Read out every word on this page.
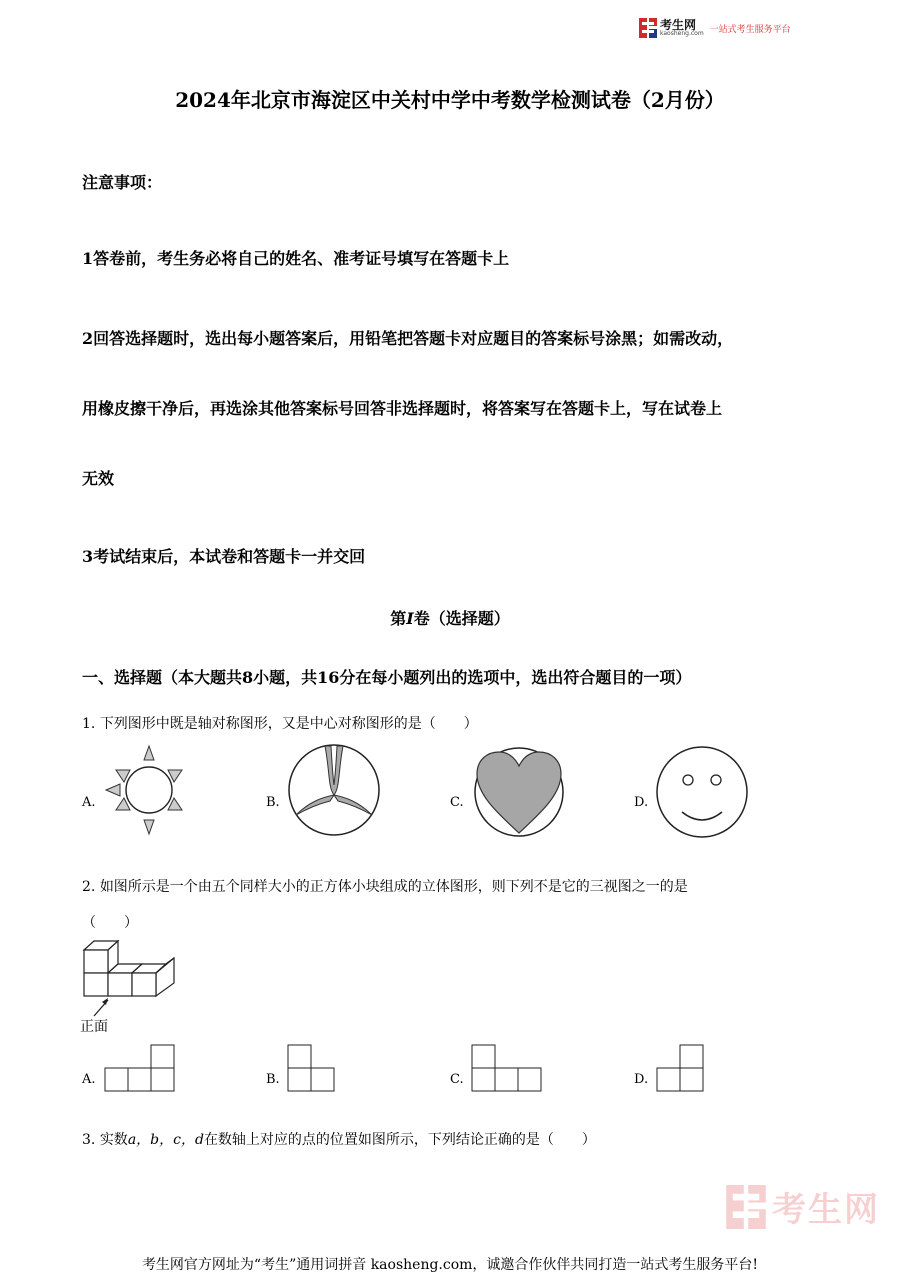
考生网
kaosheng.com 一站式考生服务平台
2024年北京市海淀区中关村中学中考数学检测试卷（2月份）
注意事项：
1答卷前，考生务必将自己的姓名、准考证号填写在答题卡上
2回答选择题时，选出每小题答案后，用铅笔把答题卡对应题目的答案标号涂黑；如需改动，
用橡皮擦干净后，再选涂其他答案标号回答非选择题时，将答案写在答题卡上，写在试卷上
无效
3考试结束后，本试卷和答题卡一并交回
第I卷（选择题）
一、选择题（本大题共8小题，共16分在每小题列出的选项中，选出符合题目的一项）
1. 下列图形中既是轴对称图形，又是中心对称图形的是（　　）
A.	B.	C.	D.
2. 如图所示是一个由五个同样大小的正方体小块组成的立体图形，则下列不是它的三视图之一的是
（　　）
正面
A.	B.	C.	D.
3. 实数a，b，c，d在数轴上对应的点的位置如图所示，下列结论正确的是（　　）
考生网
考生网官方网址为“考生”通用词拼音 kaosheng.com，诚邀合作伙伴共同打造一站式考生服务平台!
